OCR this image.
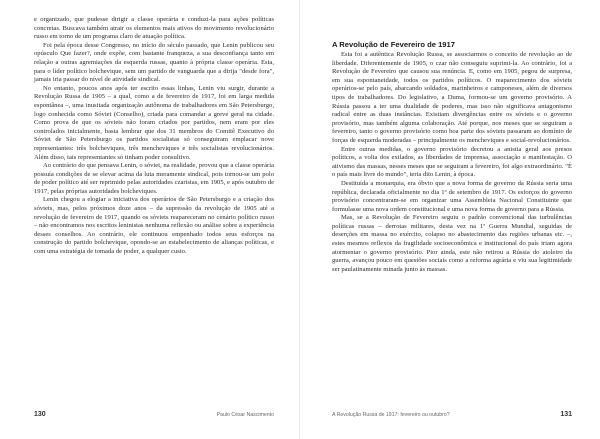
e organizado, que pudesse dirigir a classe operária e conduzi-la para ações políticas concretas. Buscava também atrair os elementos mais ativos do movimento revolucionário russo em torno de um programa claro de atuação política.

Foi pela época desse Congresso, no início do século passado, que Lenin publicou seu opúsculo Que fazer?, onde expõe, com bastante franqueza, a sua desconfiança tanto em relação a outras agremiações da esquerda russas, quanto à própria classe operária. Esta, para o líder político bolchevique, sem um partido de vanguarda que a dirija "desde fora", jamais iria passar do nível de atividade sindical.

No entanto, poucos anos após ter escrito essas linhas, Lenin viu surgir, durante a Revolução Russa de 1905 – a qual, como a de fevereiro de 1917, foi em larga medida espontânea –, uma inusitada organização autônoma de trabalhadores em São Petersburgo, logo conhecida como Sóviet (Conselho), criada para comandar a greve geral na cidade. Como prova de que os sóviets não foram criados por partidos, nem eram por eles controlados inicialmente, basta lembrar que dos 31 membros do Comitê Executivo do Sóviet de São Petersburgo os partidos socialistas só conseguiram emplacar nove representantes: três bolcheviques, três mencheviques e três socialistas revolucionários. Além disso, tais representantes só tinham poder consultivo.

Ao contrário do que pensava Lenin, o sóviet, na realidade, provou que a classe operária possuía condições de se elevar acima da luta meramente sindical, pois tornou-se um polo de poder político até ser reprimido pelas autoridades czaristas, em 1905, e após outubro de 1917, pelas próprias autoridades bolcheviques.

Lenin chegou a elogiar a iniciativa dos operários de São Petersburgo e a criação dos sóviets, mas, pelos próximos doze anos – da supressão da revolução de 1905 até a revolução de fevereiro de 1917, quando os sóviets reapareceram no cenário político russo – não encontramos nos escritos leninistas nenhuma reflexão ou análise sobre a experiência desses conselhos. Ao contrário, ele continuou empenhado todos seus esforços na construção do partido bolchevique, opondo-se ao estabelecimento de alianças políticas, e com uma estratégia de tomada de poder, a qualquer custo.

130	Paulo César Nascimento
A Revolução de Fevereiro de 1917

Esta foi a autêntica Revolução Russa, se associarmos o conceito de revolução ao de liberdade. Diferentemente de 1905, o czar não conseguiu suprimi-la. Ao contrário, foi a Revolução de Fevereiro que causou sua renúncia. E, como em 1905, pegou de surpresa, em sua espontaneidade, todos os partidos políticos. O reaparecimento dos sóviets operários-se pelo país, abarcando soldados, marinheiros e camponeses, além de diversos tipos de trabalhadores. Do legislativo, a Duma, formou-se um governo provisório. A Rússia passou a ter uma dualidade de poderes, mas isso não significava antagonismo radical entre as duas instâncias. Existiam divergências entre os sóviets e o governo provisório, mas também alguma colaboração. Até porque, nos meses que se seguiram a fevereiro, tanto o governo provisório como boa parte dos sóviets passaram ao domínio de forças de esquerda moderadas – principalmente os mencheviques e social-revolucionários.

Entre outras medidas, o governo provisório decretou a anistia geral aos presos políticos, a volta dos exilados, as liberdades de imprensa, associação e manifestação. O ativismo das massas, nesses meses que se seguiram a fevereiro, foi algo extraordinário. "É o país mais livre do mundo", teria dito Lenin, à época.

Destituída a monarquia, era óbvio que a nova forma de governo da Rússia seria uma república, declarada oficialmente no dia 1º de setembro de 1917. Os esforços do governo provisório concentraram-se em organizar uma Assembleia Nacional Constituinte que formulasse uma nova ordem constitucional e uma nova forma de governo para a Rússia.

Mas, se a Revolução de Fevereiro seguiu o padrão convencional das turbulências políticas russas – derrotas militares, desta vez na 1ª Guerra Mundial, seguidas de deserções em massa no exército, colapso no abastecimento das regiões urbanas etc. –, estes mesmos reflexos da fragilidade socioeconômica e institucional do país iriam agora atormentar o governo provisório. Pior ainda, este não retirou a Rússia do atoleiro da guerra, avançou pouco em questões sociais como a reforma agrária e viu sua legitimidade ser paulatinamente minada junto às massas.

A Revolução Russa de 1917: fevereiro ou outubro?	131
